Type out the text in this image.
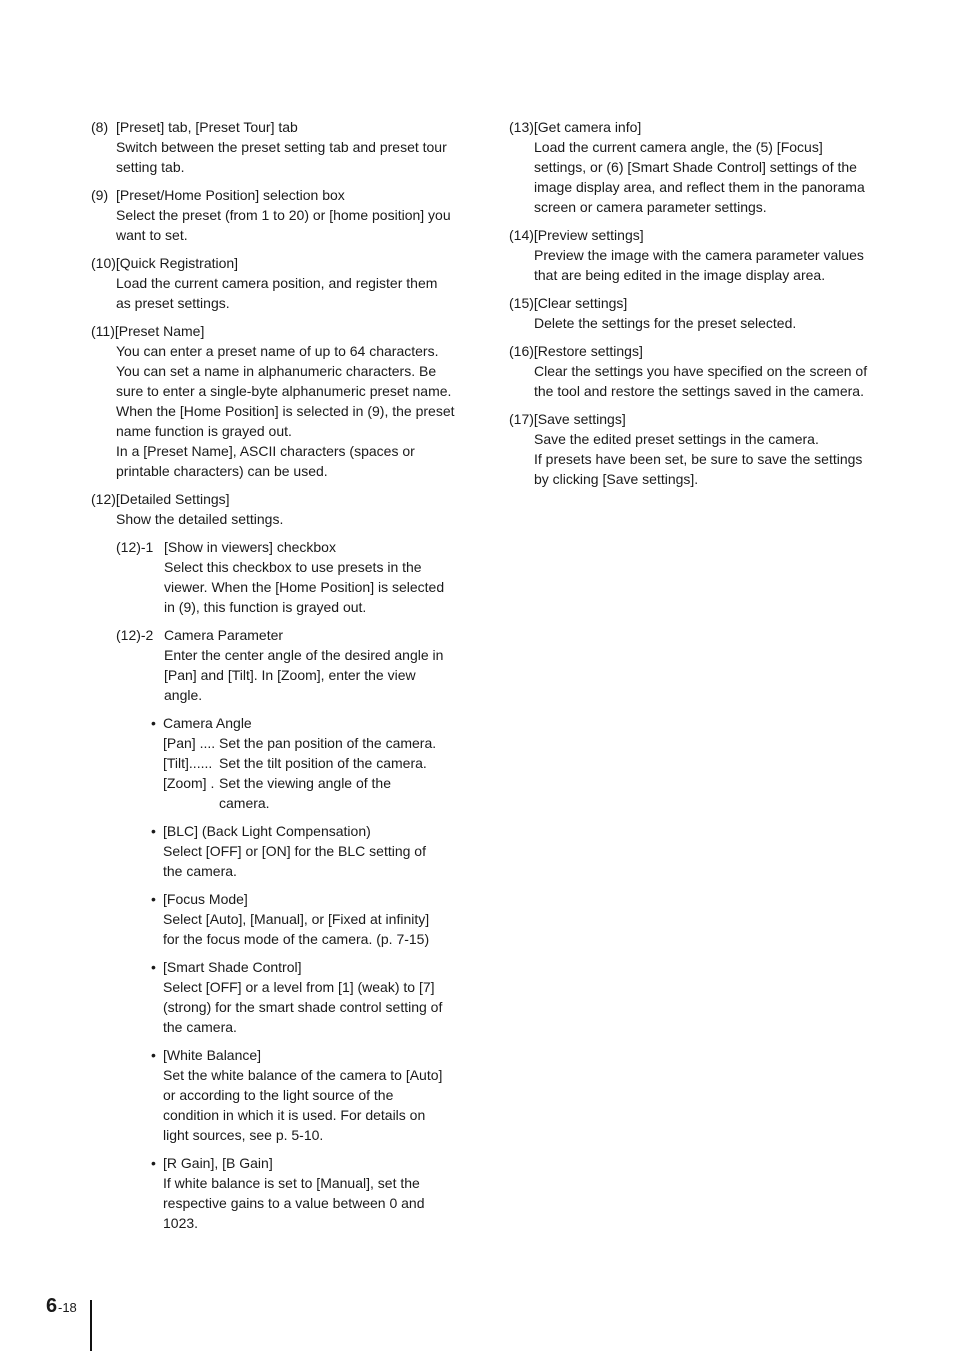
(8) [Preset] tab, [Preset Tour] tab
Switch between the preset setting tab and preset tour
setting tab.
(9) [Preset/Home Position] selection box
Select the preset (from 1 to 20) or [home position] you
want to set.
(10) [Quick Registration]
Load the current camera position, and register them
as preset settings.
(11) [Preset Name]
You can enter a preset name of up to 64 characters.
You can set a name in alphanumeric characters. Be
sure to enter a single-byte alphanumeric preset name.
When the [Home Position] is selected in (9), the preset
name function is grayed out.
In a [Preset Name], ASCII characters (spaces or
printable characters) can be used.
(12) [Detailed Settings]
Show the detailed settings.
(12)-1 [Show in viewers] checkbox
Select this checkbox to use presets in the
viewer. When the [Home Position] is selected
in (9), this function is grayed out.
(12)-2 Camera Parameter
Enter the center angle of the desired angle in
[Pan] and [Tilt]. In [Zoom], enter the view
angle.
• Camera Angle
[Pan] .... Set the pan position of the camera.
[Tilt]...... Set the tilt position of the camera.
[Zoom] . Set the viewing angle of the
camera.
• [BLC] (Back Light Compensation)
Select [OFF] or [ON] for the BLC setting of
the camera.
• [Focus Mode]
Select [Auto], [Manual], or [Fixed at infinity]
for the focus mode of the camera. (p. 7-15)
• [Smart Shade Control]
Select [OFF] or a level from [1] (weak) to [7]
(strong) for the smart shade control setting of
the camera.
• [White Balance]
Set the white balance of the camera to [Auto]
or according to the light source of the
condition in which it is used. For details on
light sources, see p. 5-10.
• [R Gain], [B Gain]
If white balance is set to [Manual], set the
respective gains to a value between 0 and
1023.
(13) [Get camera info]
Load the current camera angle, the (5) [Focus]
settings, or (6) [Smart Shade Control] settings of the
image display area, and reflect them in the panorama
screen or camera parameter settings.
(14) [Preview settings]
Preview the image with the camera parameter values
that are being edited in the image display area.
(15) [Clear settings]
Delete the settings for the preset selected.
(16) [Restore settings]
Clear the settings you have specified on the screen of
the tool and restore the settings saved in the camera.
(17) [Save settings]
Save the edited preset settings in the camera.
If presets have been set, be sure to save the settings
by clicking [Save settings].
6 -18
